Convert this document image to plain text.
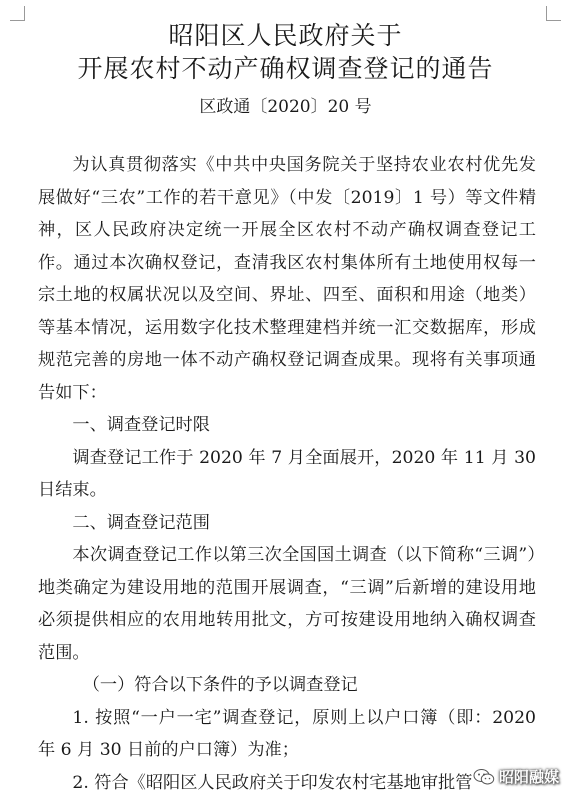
昭阳区人民政府关于
开展农村不动产确权调查登记的通告
区政通〔2020〕20 号

为认真贯彻落实《中共中央国务院关于坚持农业农村优先发展做好“三农”工作的若干意见》（中发〔2019〕1 号）等文件精神，区人民政府决定统一开展全区农村不动产确权调查登记工作。通过本次确权登记，查清我区农村集体所有土地使用权每一宗土地的权属状况以及空间、界址、四至、面积和用途（地类）等基本情况，运用数字化技术整理建档并统一汇交数据库，形成规范完善的房地一体不动产确权登记调查成果。现将有关事项通告如下：

一、调查登记时限

调查登记工作于 2020 年 7 月全面展开，2020 年 11 月 30 日结束。

二、调查登记范围

本次调查登记工作以第三次全国国土调查（以下简称“三调”）地类确定为建设用地的范围开展调查，“三调”后新增的建设用地必须提供相应的农用地转用批文，方可按建设用地纳入确权调查范围。

（一）符合以下条件的予以调查登记

1. 按照“一户一宅”调查登记，原则上以户口簿（即：2020 年 6 月 30 日前的户口簿）为准；

2. 符合《昭阳区人民政府关于印发农村宅基地审批管	昭阳融媒
